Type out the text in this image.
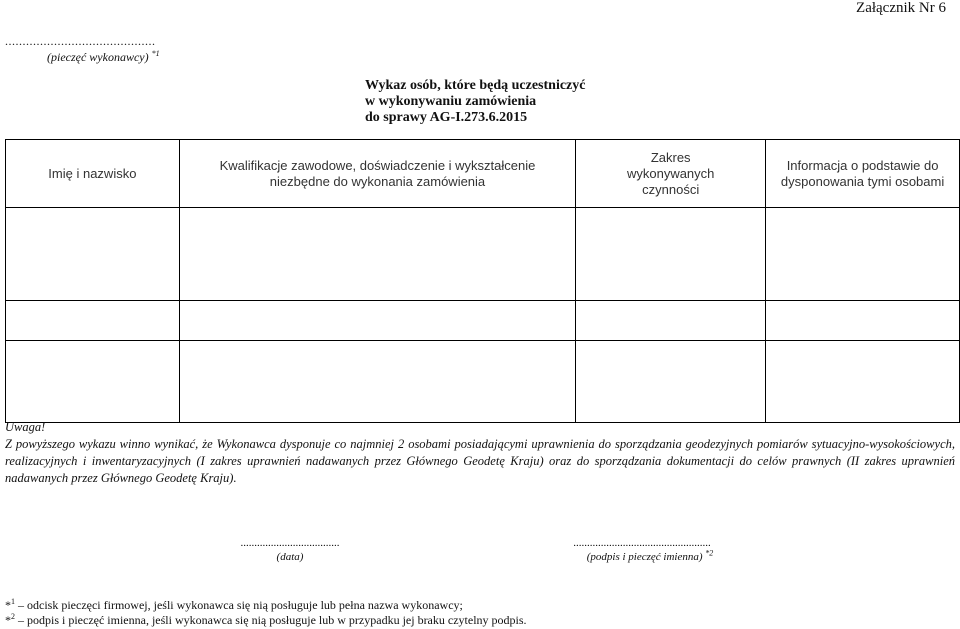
Załącznik Nr 6
...........................................
(pieczęć wykonawcy) $^{*1}$
Wykaz osób, które będą uczestniczyć
w wykonywaniu zamówienia
do sprawy AG-I.273.6.2015
Imię i nazwisko	Kwalifikacje zawodowe, doświadczenie i wykształcenie niezbędne do wykonania zamówienia	Zakres wykonywanych czynności	Informacja o podstawie do dysponowania tymi osobami

Uwaga!
Z powyższego wykazu winno wynikać, że Wykonawca dysponuje co najmniej 2 osobami posiadającymi uprawnienia do sporządzania geodezyjnych pomiarów sytuacyjno-wysokościowych, realizacyjnych i inwentaryzacyjnych (I zakres uprawnień nadawanych przez Głównego Geodetę Kraju) oraz do sporządzania dokumentacji do celów prawnych (II zakres uprawnień nadawanych przez Głównego Geodetę Kraju).
....................................
(data)
..................................................
(podpis i pieczęć imienna) $^{*2}$
*$^1$ – odcisk pieczęci firmowej, jeśli wykonawca się nią posługuje lub pełna nazwa wykonawcy;
*$^2$ – podpis i pieczęć imienna, jeśli wykonawca się nią posługuje lub w przypadku jej braku czytelny podpis.
